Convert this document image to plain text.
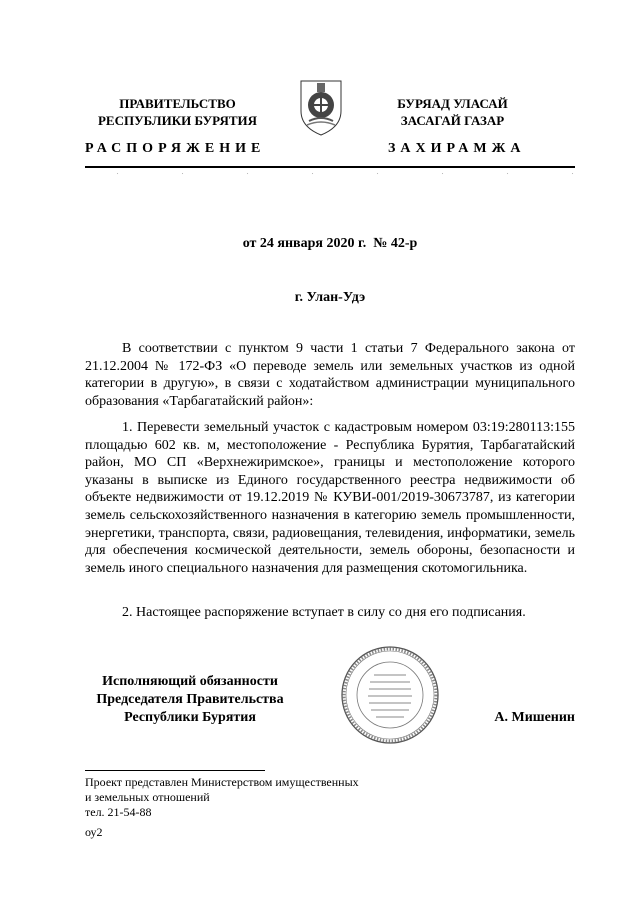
ПРАВИТЕЛЬСТВО
РЕСПУБЛИКИ БУРЯТИЯ
РАСПОРЯЖЕНИЕ
БУРЯАД УЛАСАЙ
ЗАСАГАЙ ГАЗАР
ЗАХИРАМЖА
от 24 января 2020 г.  № 42-р
г. Улан-Удэ
В соответствии с пунктом 9 части 1 статьи 7 Федерального закона от 21.12.2004 № 172-ФЗ «О переводе земель или земельных участков из одной категории в другую», в связи с ходатайством администрации муниципального образования «Тарбагатайский район»:
1. Перевести земельный участок с кадастровым номером 03:19:280113:155 площадью 602 кв. м, местоположение - Республика Бурятия, Тарбагатайский район, МО СП «Верхнежиримское», границы и местоположение которого указаны в выписке из Единого государственного реестра недвижимости об объекте недвижимости от 19.12.2019 № КУВИ-001/2019-30673787, из категории земель сельскохозяйственного назначения в категорию земель промышленности, энергетики, транспорта, связи, радиовещания, телевидения, информатики, земель для обеспечения космической деятельности, земель обороны, безопасности и земель иного специального назначения для размещения скотомогильника.
2. Настоящее распоряжение вступает в силу со дня его подписания.
Исполняющий обязанности
Председателя Правительства
Республики Бурятия	А. Мишенин
Проект представлен Министерством имущественных
и земельных отношений
тел. 21-54-88
оу2
